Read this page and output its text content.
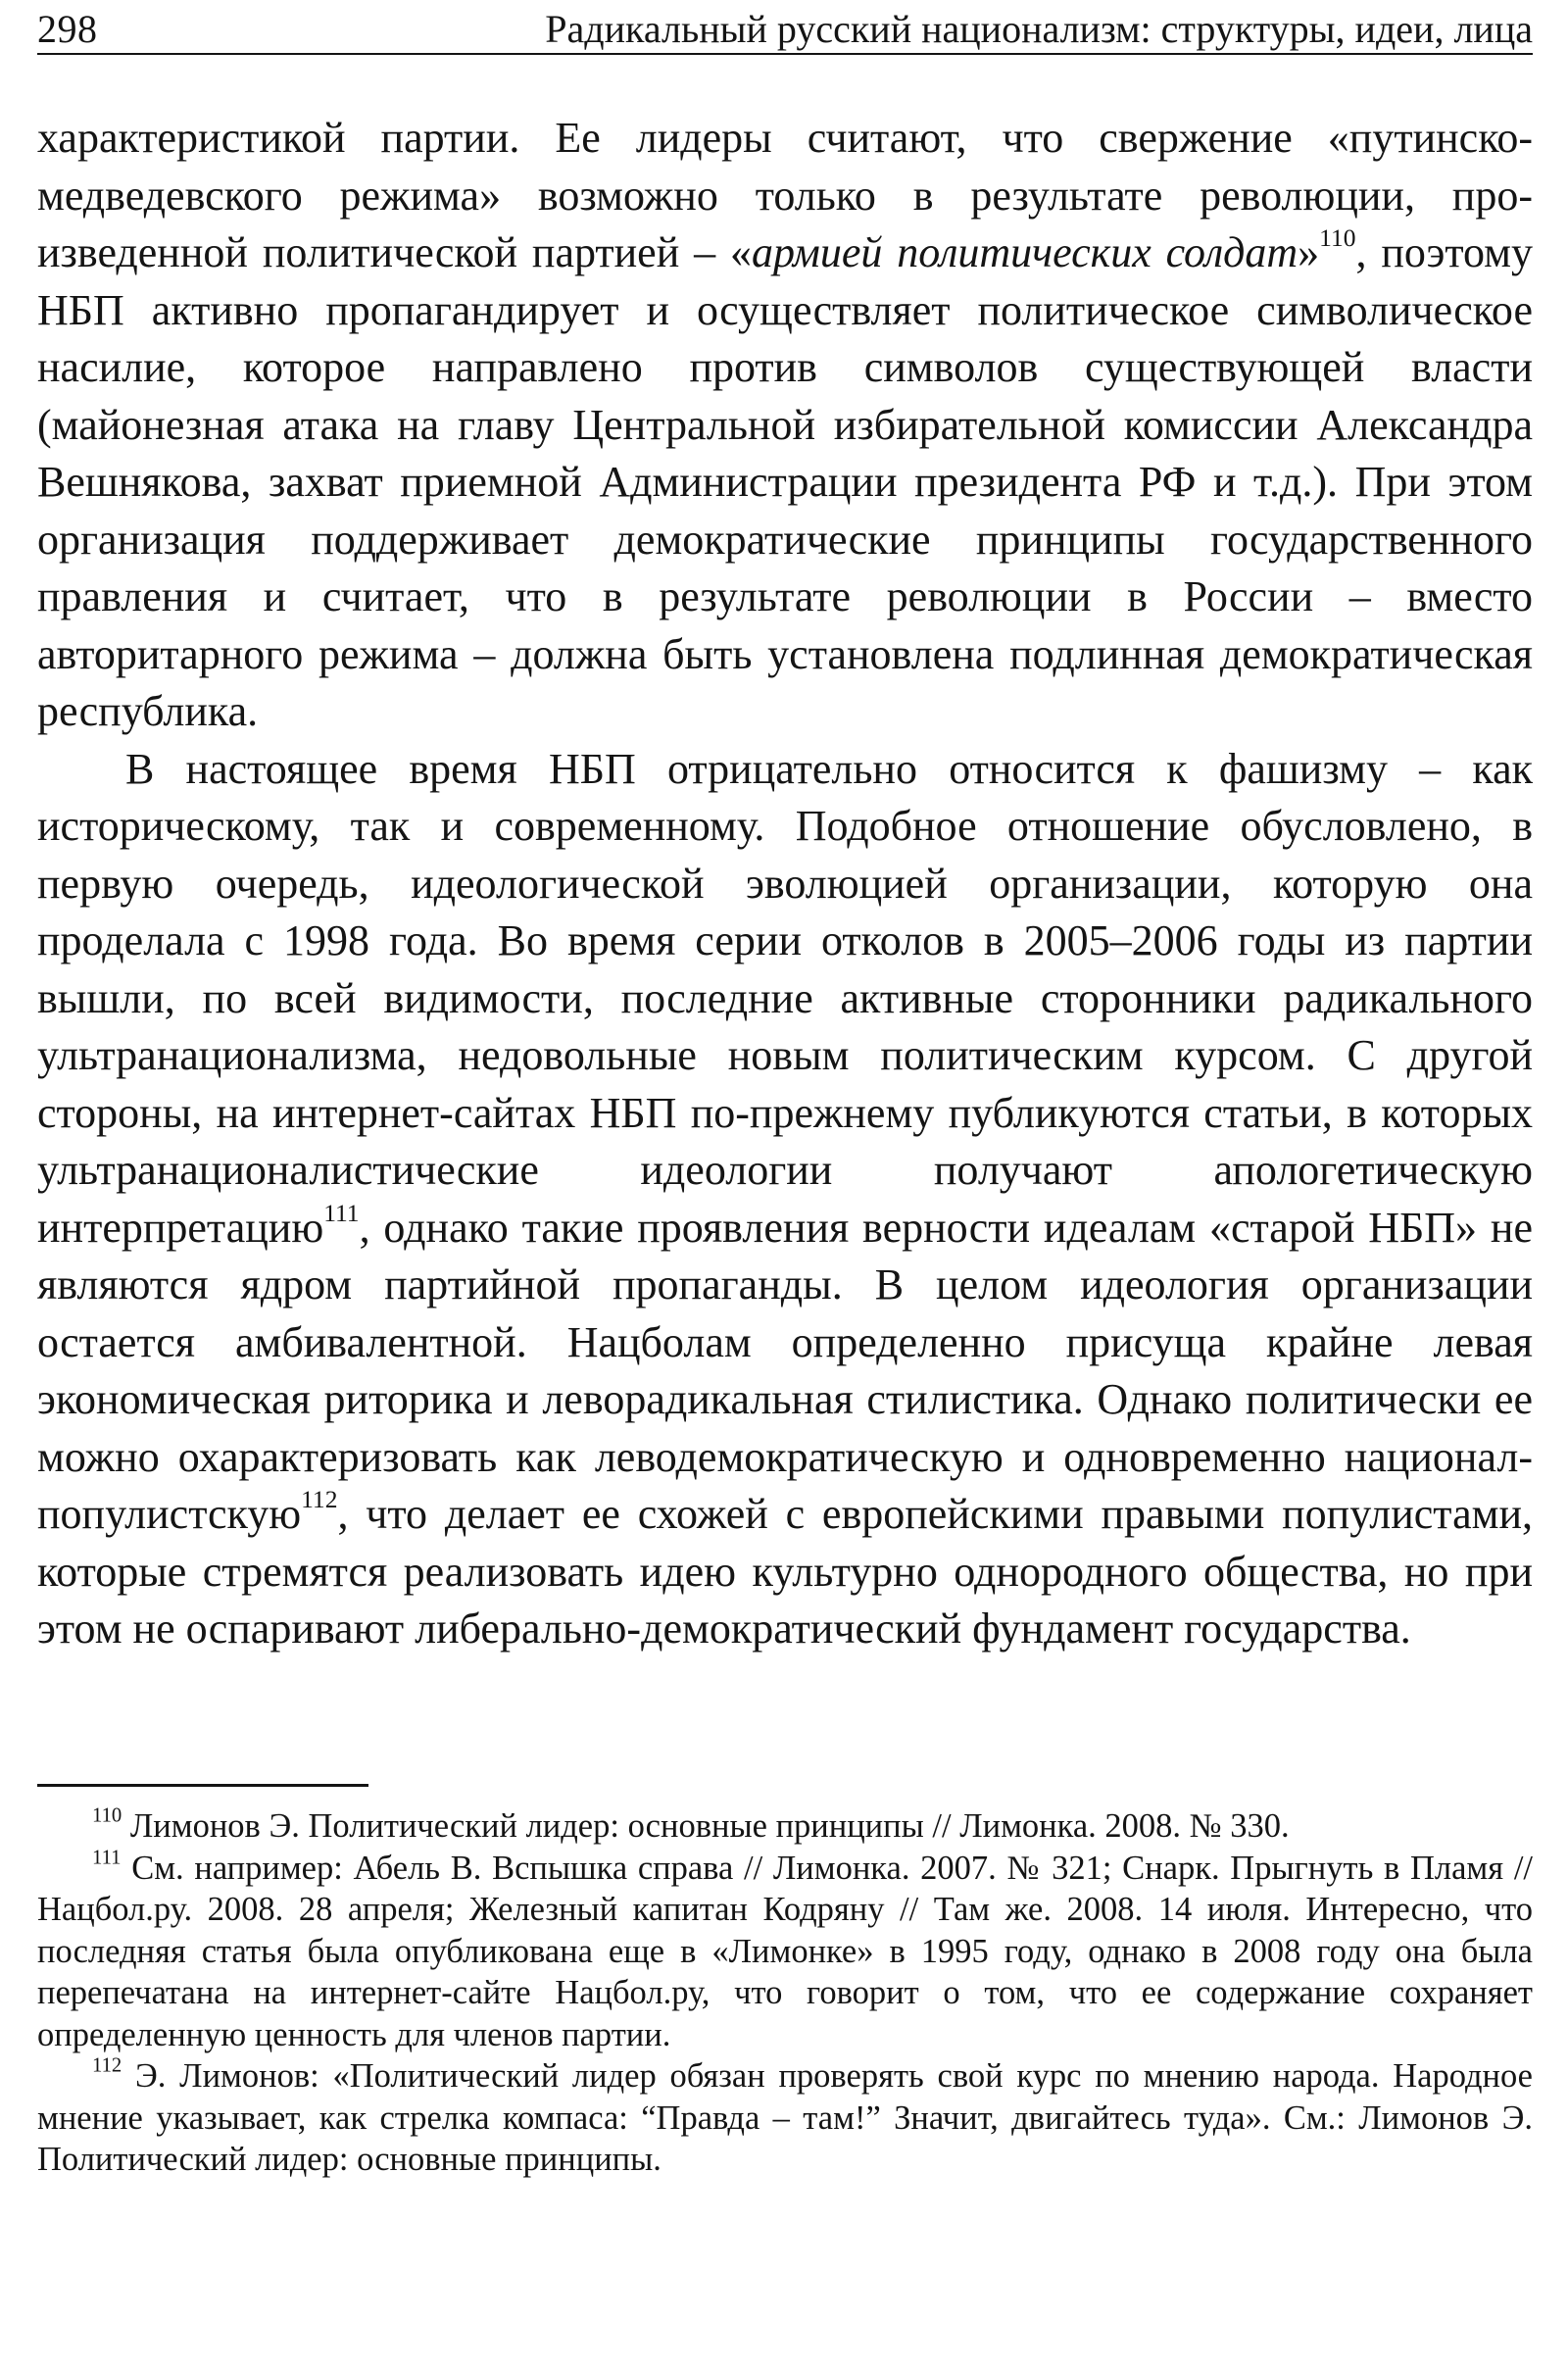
298	Радикальный русский национализм: структуры, идеи, лица

характеристикой партии. Ее лидеры считают, что свержение «путинско-медведевского режима» возможно только в результате революции, произведенной политической партией – «армией политических солдат»$^{110}$, поэтому НБП активно пропагандирует и осуществляет политическое символическое насилие, которое направлено против символов существующей власти (майонезная атака на главу Центральной избирательной комиссии Александра Вешнякова, захват приемной Администрации президента РФ и т.д.). При этом организация поддерживает демократические принципы государственного правления и считает, что в результате революции в России – вместо авторитарного режима – должна быть установлена подлинная демократическая республика.

В настоящее время НБП отрицательно относится к фашизму – как историческому, так и современному. Подобное отношение обусловлено, в первую очередь, идеологической эволюцией организации, которую она проделала с 1998 года. Во время серии отколов в 2005–2006 годы из партии вышли, по всей видимости, последние активные сторонники радикального ультранационализма, недовольные новым политическим курсом. С другой стороны, на интернет-сайтах НБП по-прежнему публикуются статьи, в которых ультранационалистические идеологии получают апологетическую интерпретацию$^{111}$, однако такие проявления верности идеалам «старой НБП» не являются ядром партийной пропаганды. В целом идеология организации остается амбивалентной. Нацболам определенно присуща крайне левая экономическая риторика и леворадикальная стилистика. Однако политически ее можно охарактеризовать как леводемократическую и одновременно национал-популистскую$^{112}$, что делает ее схожей с европейскими правыми популистами, которые стремятся реализовать идею культурно однородного общества, но при этом не оспаривают либерально-демократический фундамент государства.

$^{110}$ Лимонов Э. Политический лидер: основные принципы // Лимонка. 2008. № 330.

$^{111}$ См. например: Абель В. Вспышка справа // Лимонка. 2007. № 321; Снарк. Прыгнуть в Пламя // Нацбол.ру. 2008. 28 апреля; Железный капитан Кодряну // Там же. 2008. 14 июля. Интересно, что последняя статья была опубликована еще в «Лимонке» в 1995 году, однако в 2008 году она была перепечатана на интернет-сайте Нацбол.ру, что говорит о том, что ее содержание сохраняет определенную ценность для членов партии.

$^{112}$ Э. Лимонов: «Политический лидер обязан проверять свой курс по мнению народа. Народное мнение указывает, как стрелка компаса: “Правда – там!” Значит, двигайтесь туда». См.: Лимонов Э. Политический лидер: основные принципы.
